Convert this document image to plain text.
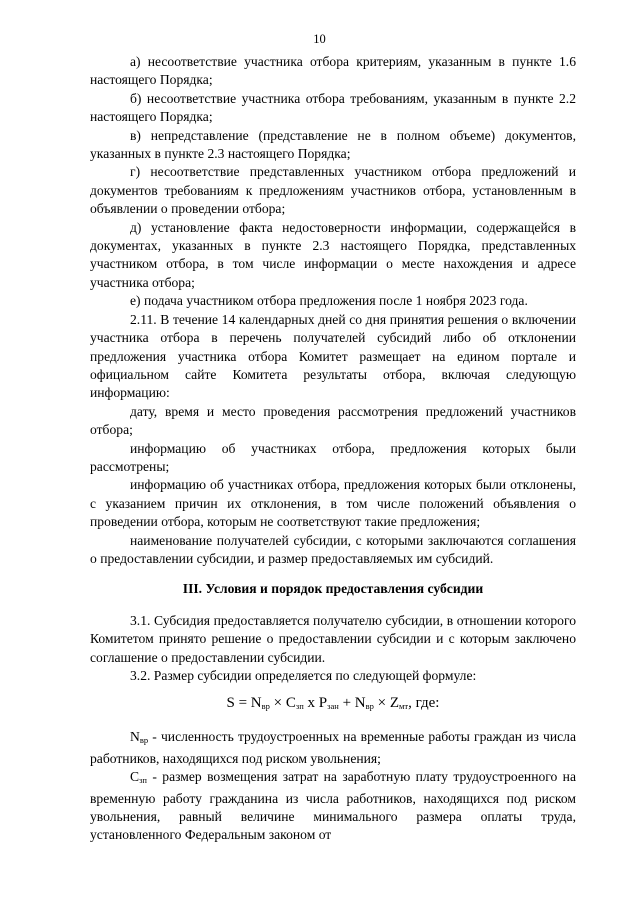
10

а) несоответствие участника отбора критериям, указанным в пункте 1.6 настоящего Порядка;

б) несоответствие участника отбора требованиям, указанным в пункте 2.2 настоящего Порядка;

в) непредставление (представление не в полном объеме) документов, указанных в пункте 2.3 настоящего Порядка;

г) несоответствие представленных участником отбора предложений и документов требованиям к предложениям участников отбора, установленным в объявлении о проведении отбора;

д) установление факта недостоверности информации, содержащейся в документах, указанных в пункте 2.3 настоящего Порядка, представленных участником отбора, в том числе информации о месте нахождения и адресе участника отбора;

е) подача участником отбора предложения после 1 ноября 2023 года.

2.11. В течение 14 календарных дней со дня принятия решения о включении участника отбора в перечень получателей субсидий либо об отклонении предложения участника отбора Комитет размещает на едином портале и официальном сайте Комитета результаты отбора, включая следующую информацию:

дату, время и место проведения рассмотрения предложений участников отбора;

информацию об участниках отбора, предложения которых были рассмотрены;

информацию об участниках отбора, предложения которых были отклонены, с указанием причин их отклонения, в том числе положений объявления о проведении отбора, которым не соответствуют такие предложения;

наименование получателей субсидии, с которыми заключаются соглашения о предоставлении субсидии, и размер предоставляемых им субсидий.

III. Условия и порядок предоставления субсидии

3.1. Субсидия предоставляется получателю субсидии, в отношении которого Комитетом принято решение о предоставлении субсидии и с которым заключено соглашение о предоставлении субсидии.

3.2. Размер субсидии определяется по следующей формуле:

$S = N_{вр} \times C_{зп}$ x $P_{зан} + N_{вр} \times Z_{мт}$, где:

$N_{вр}$ - численность трудоустроенных на временные работы граждан из числа работников, находящихся под риском увольнения;

$C_{зп}$ - размер возмещения затрат на заработную плату трудоустроенного на временную работу гражданина из числа работников, находящихся под риском увольнения, равный величине минимального размера оплаты труда, установленного Федеральным законом от
